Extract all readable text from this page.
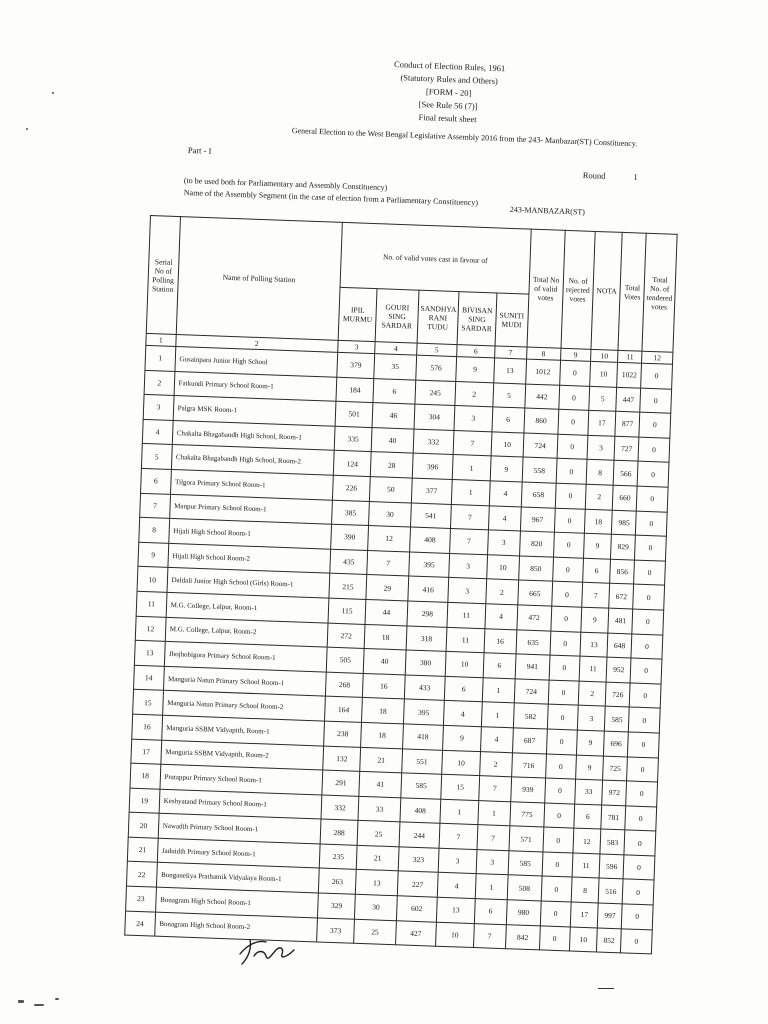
Conduct of Election Rules, 1961
(Statutory Rules and Others)
[FORM - 20]
[See Rule 56 (7)]
Final result sheet
General Election to the West Bengal Legislative Assembly 2016 from the 243- Manbazar(ST) Constituency.
Part - I
Round	1
(to be used both for Parliamentary and Assembly Constituency)
Name of the Assembly Segment (in the case of election from a Parliamentary Constituency)
243-MANBAZAR(ST)
Serial No of Polling Station	Name of Polling Station	No. of valid votes cast in favour of					Total No of valid votes	No. of rejected votes	NOTA	Total Votes	Total No. of tendered votes
		IPIL MURMU	GOURI SING SARDAR	SANDHYA RANI TUDU	BIVISAN SING SARDAR	SUNITI MUDI					
1	2	3	4	5	6	7	8	9	10	11	12
1	Gosainpara Junior High School	379	35	576	9	13	1012	0	10	1022	0
2	Fatkundi Primary School Room-1	184	6	245	2	5	442	0	5	447	0
3	Palgra MSK Room-1	501	46	304	3	6	860	0	17	877	0
4	Chakalta Bhagabandh High School, Room-1	335	40	332	7	10	724	0	3	727	0
5	Chakalta Bhagabandh High School, Room-2	124	28	396	1	9	558	0	8	566	0
6	Tilgora Primary School Room-1	226	50	377	1	4	658	0	2	660	0
7	Manpur Primary School Room-1	385	30	541	7	4	967	0	18	985	0
8	Hijali High School Room-1	390	12	408	7	3	820	0	9	829	0
9	Hijali High School Room-2	435	7	395	3	10	850	0	6	856	0
10	Daldali Junior High School (Girls) Room-1	215	29	416	3	2	665	0	7	672	0
11	M.G. College, Lalpur, Room-1	115	44	298	11	4	472	0	9	481	0
12	M.G. College, Lalpur, Room-2	272	18	318	11	16	635	0	13	648	0
13	Jhojhobigora Primary School Room-1	505	40	380	10	6	941	0	11	952	0
14	Manguria Natun Primary School Room-1	268	16	433	6	1	724	0	2	726	0
15	Manguria Natun Primary School Room-2	164	18	395	4	1	582	0	3	585	0
16	Manguria SSBM Vidyapith, Room-1	238	18	418	9	4	687	0	9	696	0
17	Manguria SSBM Vidyapith, Room-2	132	21	551	10	2	716	0	9	725	0
18	Pratappur Primary School Room-1	291	41	585	15	7	939	0	33	972	0
19	Keshyatand Primary School Room-1	332	33	408	1	1	775	0	6	781	0
20	Nawadih Primary School Room-1	288	25	244	7	7	571	0	12	583	0
21	Jaduidih Primary School Room-1	235	21	323	3	3	585	0	11	596	0
22	Bonganeliya Prathamik Vidyalaya Room-1	263	13	227	4	1	508	0	8	516	0
23	Bonagram High School Room-1	329	30	602	13	6	980	0	17	997	0
24	Bonagram High School Room-2	373	25	427	10	7	842	0	10	852	0
